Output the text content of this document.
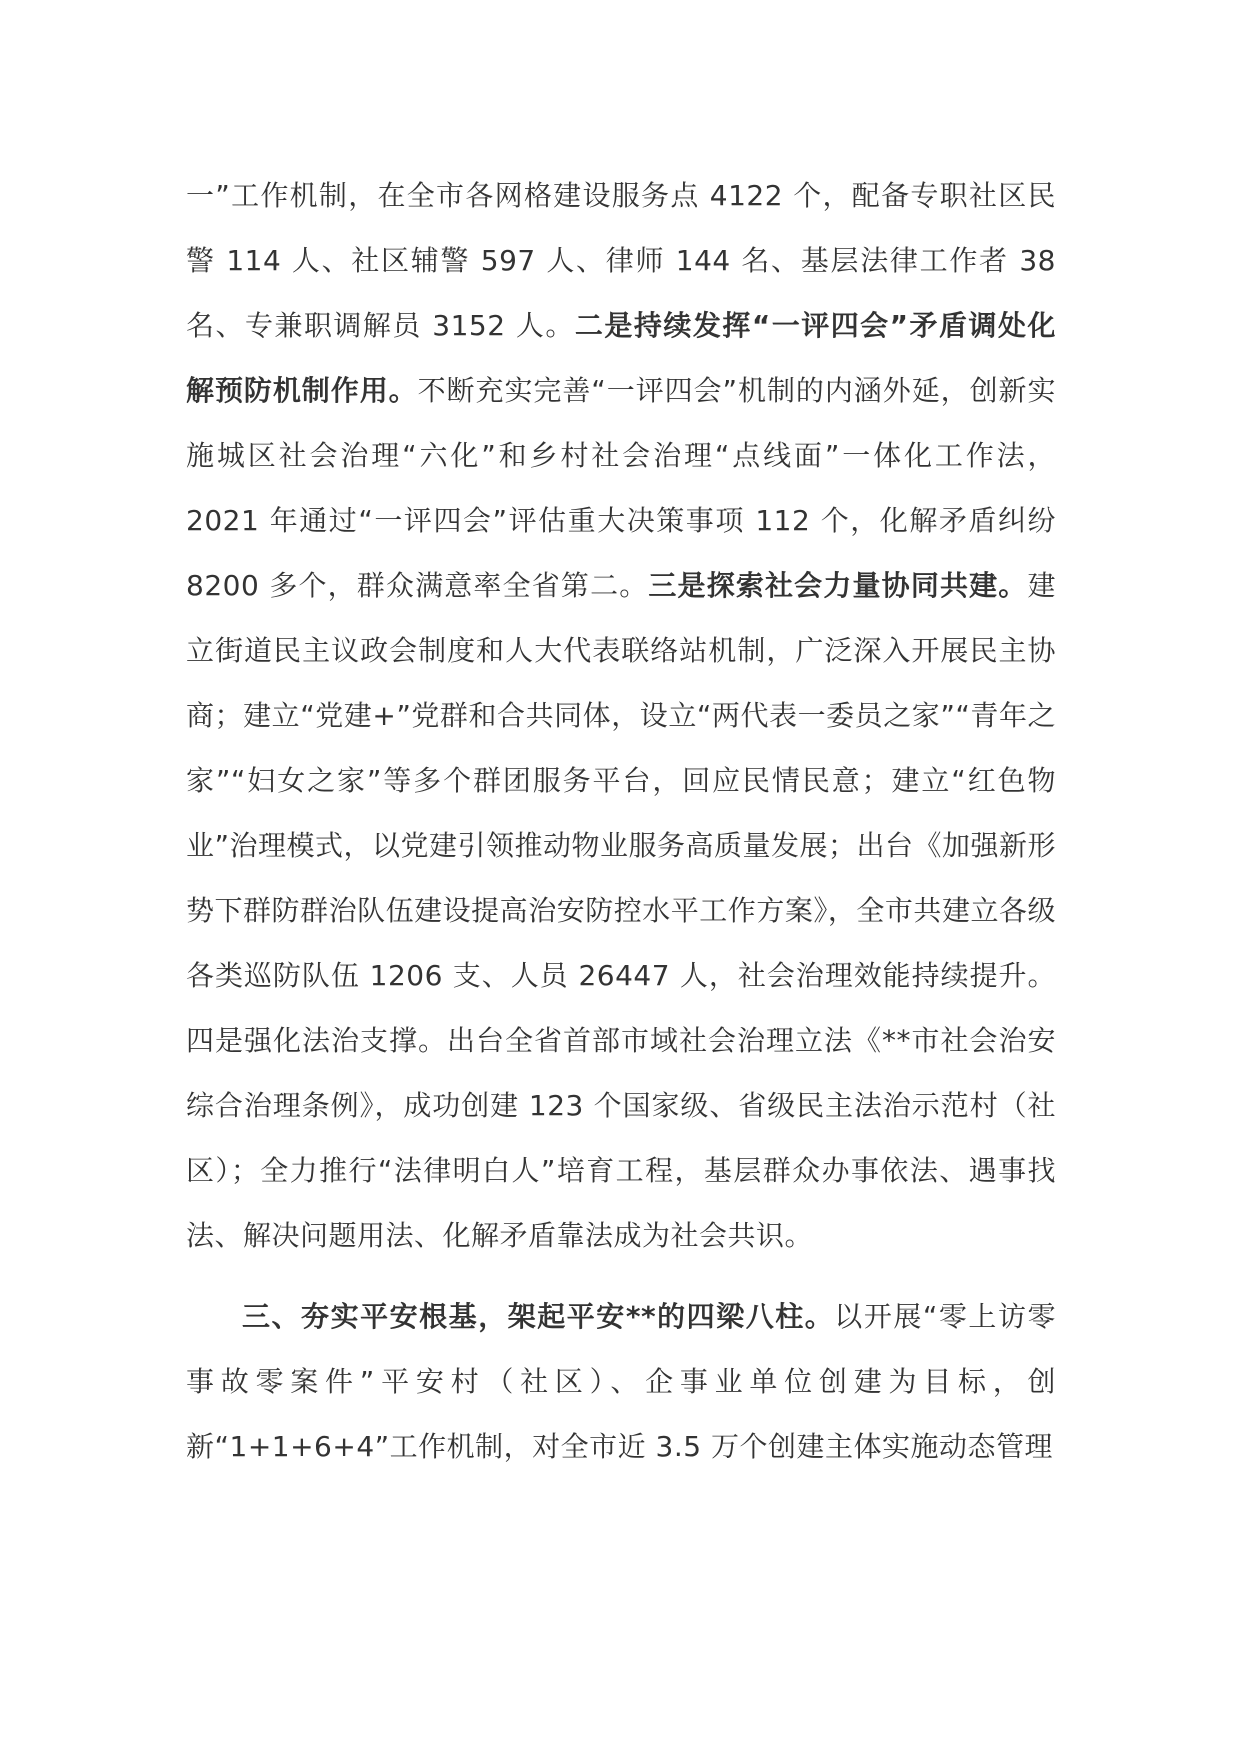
一”工作机制，在全市各网格建设服务点 4122 个，配备专职社区民警 114 人、社区辅警 597 人、律师 144 名、基层法律工作者 38 名、专兼职调解员 3152 人。二是持续发挥“一评四会”矛盾调处化解预防机制作用。不断充实完善“一评四会”机制的内涵外延，创新实施城区社会治理“六化”和乡村社会治理“点线面”一体化工作法，2021 年通过“一评四会”评估重大决策事项 112 个，化解矛盾纠纷 8200 多个，群众满意率全省第二。三是探索社会力量协同共建。建立街道民主议政会制度和人大代表联络站机制，广泛深入开展民主协商；建立“党建+”党群和合共同体，设立“两代表一委员之家”“青年之家”“妇女之家”等多个群团服务平台，回应民情民意；建立“红色物业”治理模式，以党建引领推动物业服务高质量发展；出台《加强新形势下群防群治队伍建设提高治安防控水平工作方案》，全市共建立各级各类巡防队伍 1206 支、人员 26447 人，社会治理效能持续提升。四是强化法治支撑。出台全省首部市域社会治理立法《**市社会治安综合治理条例》，成功创建 123 个国家级、省级民主法治示范村（社区）；全力推行“法律明白人”培育工程，基层群众办事依法、遇事找法、解决问题用法、化解矛盾靠法成为社会共识。

三、夯实平安根基，架起平安**的四梁八柱。以开展“零上访零事故零案件”平安村（社区）、企事业单位创建为目标，创新“1+1+6+4”工作机制，对全市近 3.5 万个创建主体实施动态管理
